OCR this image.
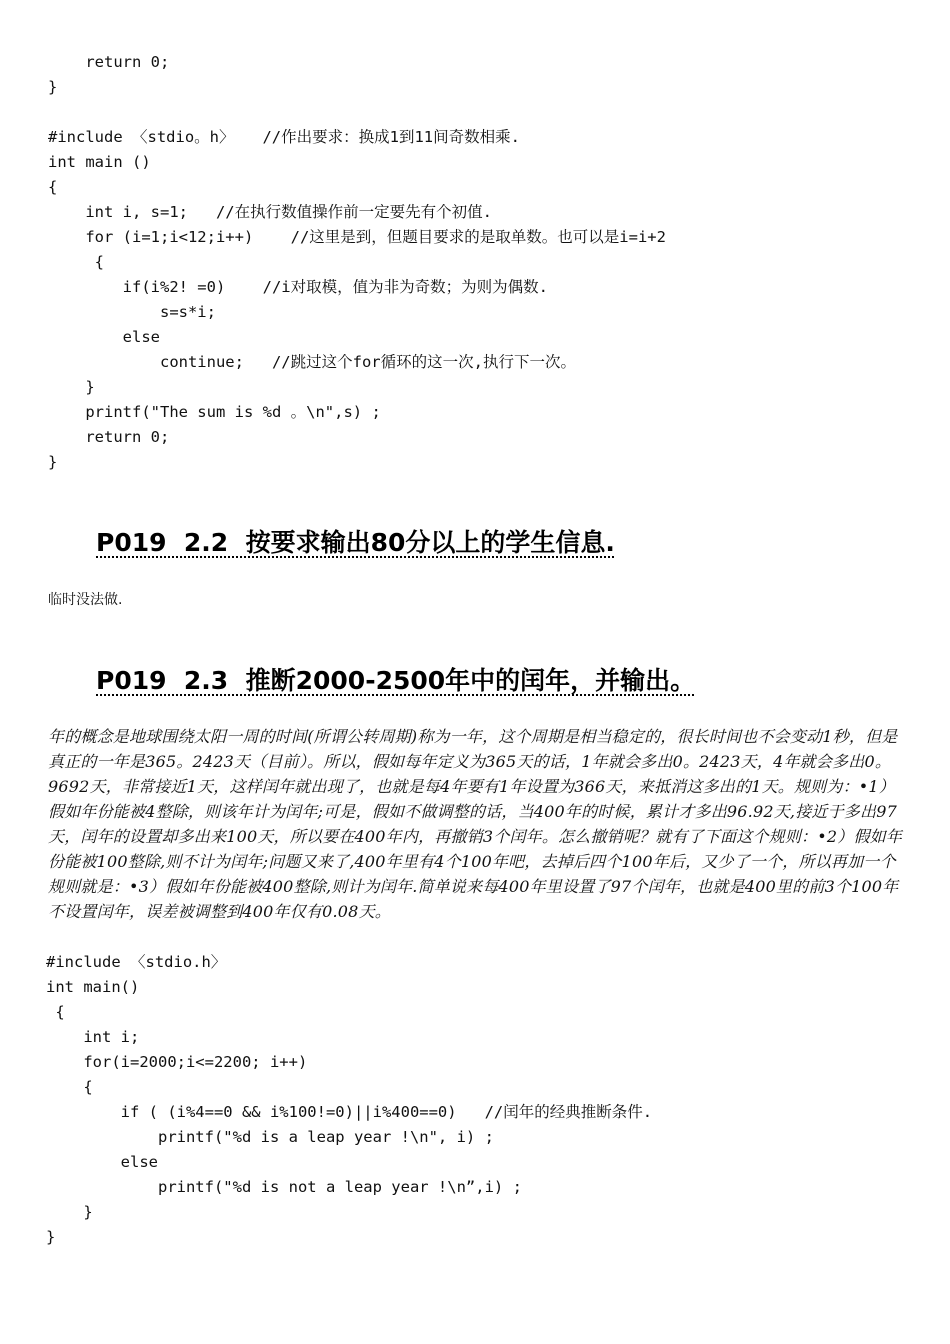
return 0;
}
#include 〈stdio。h〉   //作出要求：换成1到11间奇数相乘.
int main ()
{
int i, s=1;   //在执行数值操作前一定要先有个初值.
for (i=1;i<12;i++)    //这里是到，但题目要求的是取单数。也可以是i=i+2
{
if(i%2! =0)    //i对取模，值为非为奇数；为则为偶数.
s=s*i;
else
continue;   //跳过这个for循环的这一次,执行下一次。
}
printf("The sum is %d 。\n",s) ;
return 0;
}
P019  2.2  按要求输出80分以上的学生信息.
临时没法做.
P019  2.3  推断2000-2500年中的闰年，并输出。
年的概念是地球围绕太阳一周的时间(所谓公转周期)称为一年，这个周期是相当稳定的，很长时间也不会变动1秒，但是真正的一年是365。2423天（目前）。所以，假如每年定义为365天的话，1年就会多出0。2423天，4年就会多出0。9692天，非常接近1天，这样闰年就出现了，也就是每4年要有1年设置为366天，来抵消这多出的1天。规则为：•1）假如年份能被4整除，则该年计为闰年;可是，假如不做调整的话，当400年的时候，累计才多出96.92天,接近于多出97天，闰年的设置却多出来100天，所以要在400年内，再撤销3个闰年。怎么撤销呢？就有了下面这个规则：•2）假如年份能被100整除,则不计为闰年;问题又来了,400年里有4个100年吧，去掉后四个100年后，又少了一个，所以再加一个规则就是：•3）假如年份能被400整除,则计为闰年.简单说来每400年里设置了97个闰年，也就是400里的前3个100年不设置闰年，误差被调整到400年仅有0.08天。
#include 〈stdio.h〉
int main()
{
int i;
for(i=2000;i<=2200; i++)
{
if ( (i%4==0 && i%100!=0)||i%400==0)   //闰年的经典推断条件.
printf("%d is a leap year !\n", i) ;
else
printf("%d is not a leap year !\n”,i) ;
}
}
